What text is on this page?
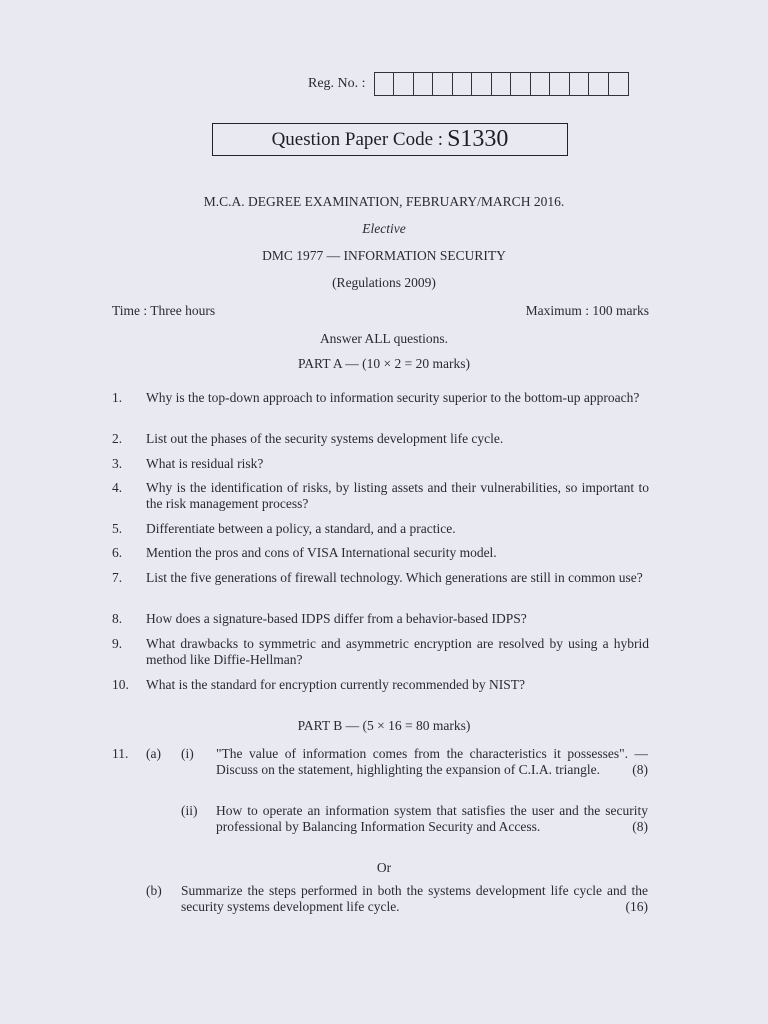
Reg. No. :
Question Paper Code : S1330
M.C.A. DEGREE EXAMINATION, FEBRUARY/MARCH 2016.
Elective
DMC 1977 — INFORMATION SECURITY
(Regulations 2009)
Time : Three hours	Maximum : 100 marks
Answer ALL questions.
PART A — (10 × 2 = 20 marks)
1.	Why is the top-down approach to information security superior to the bottom-up approach?
2.	List out the phases of the security systems development life cycle.
3.	What is residual risk?
4.	Why is the identification of risks, by listing assets and their vulnerabilities, so important to the risk management process?
5.	Differentiate between a policy, a standard, and a practice.
6.	Mention the pros and cons of VISA International security model.
7.	List the five generations of firewall technology. Which generations are still in common use?
8.	How does a signature-based IDPS differ from a behavior-based IDPS?
9.	What drawbacks to symmetric and asymmetric encryption are resolved by using a hybrid method like Diffie-Hellman?
10.	What is the standard for encryption currently recommended by NIST?
PART B — (5 × 16 = 80 marks)
11. (a) (i) "The value of information comes from the characteristics it possesses". — Discuss on the statement, highlighting the expansion of C.I.A. triangle. (8)
(ii) How to operate an information system that satisfies the user and the security professional by Balancing Information Security and Access.	(8)
Or
(b) Summarize the steps performed in both the systems development life cycle and the security systems development life cycle.	(16)
